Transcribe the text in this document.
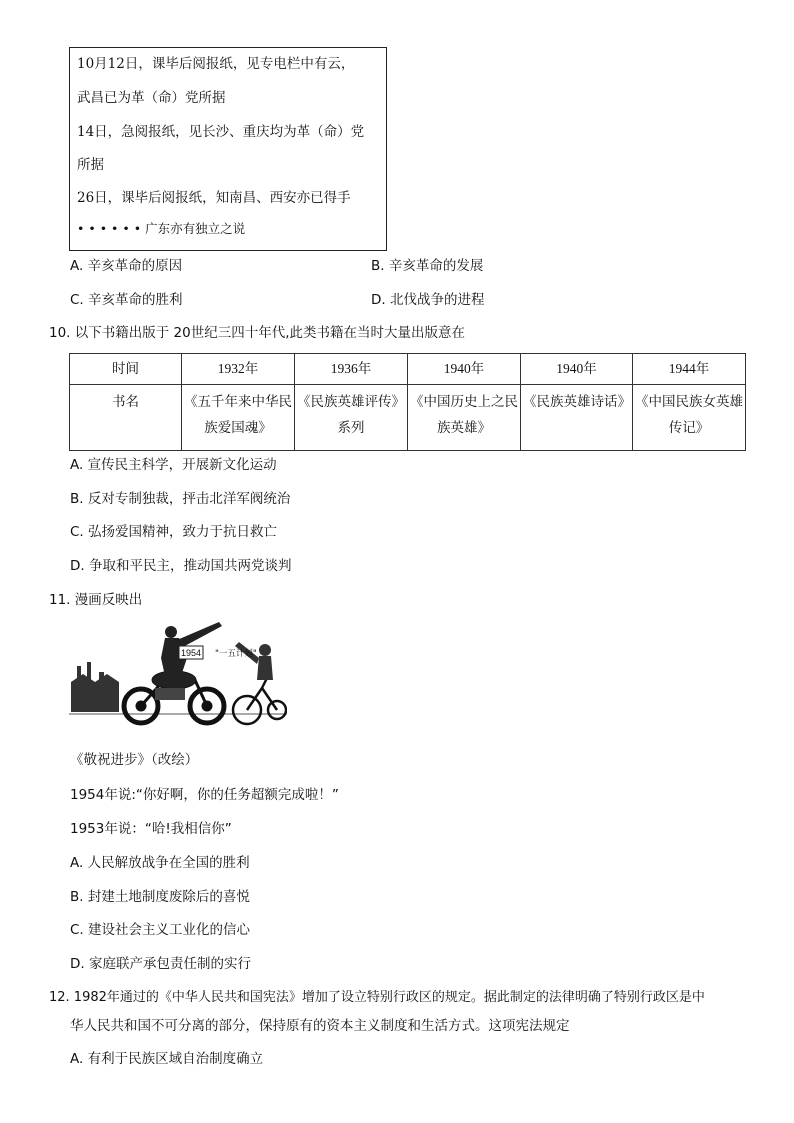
10月12日，课毕后阅报纸，见专电栏中有云，
武昌已为革（命）党所据
14日，急阅报纸，见长沙、重庆均为革（命）党
所据
26日，课毕后阅报纸，知南昌、西安亦已得手
• • • • • • 广东亦有独立之说
A. 辛亥革命的原因	B. 辛亥革命的发展
C. 辛亥革命的胜利	D. 北伐战争的进程
10. 以下书籍出版于 20世纪三四十年代,此类书籍在当时大量出版意在
时间	1932年	1936年	1940年	1940年	1944年
书名	《五千年来中华民族爱国魂》	《民族英雄评传》系列	《中国历史上之民族英雄》	《民族英雄诗话》	《中国民族女英雄传记》
A. 宣传民主科学，开展新文化运动
B. 反对专制独裁，抨击北洋军阀统治
C. 弘扬爱国精神，致力于抗日救亡
D. 争取和平民主，推动国共两党谈判
11. 漫画反映出
1954 "一五计划"
《敬祝进步》（改绘）
1954年说:“你好啊，你的任务超额完成啦！”
1953年说：“哈!我相信你”
A. 人民解放战争在全国的胜利
B. 封建土地制度废除后的喜悦
C. 建设社会主义工业化的信心
D. 家庭联产承包责任制的实行
12. 1982年通过的《中华人民共和国宪法》增加了设立特别行政区的规定。据此制定的法律明确了特别行政区是中
华人民共和国不可分离的部分，保持原有的资本主义制度和生活方式。这项宪法规定
A. 有利于民族区域自治制度确立
